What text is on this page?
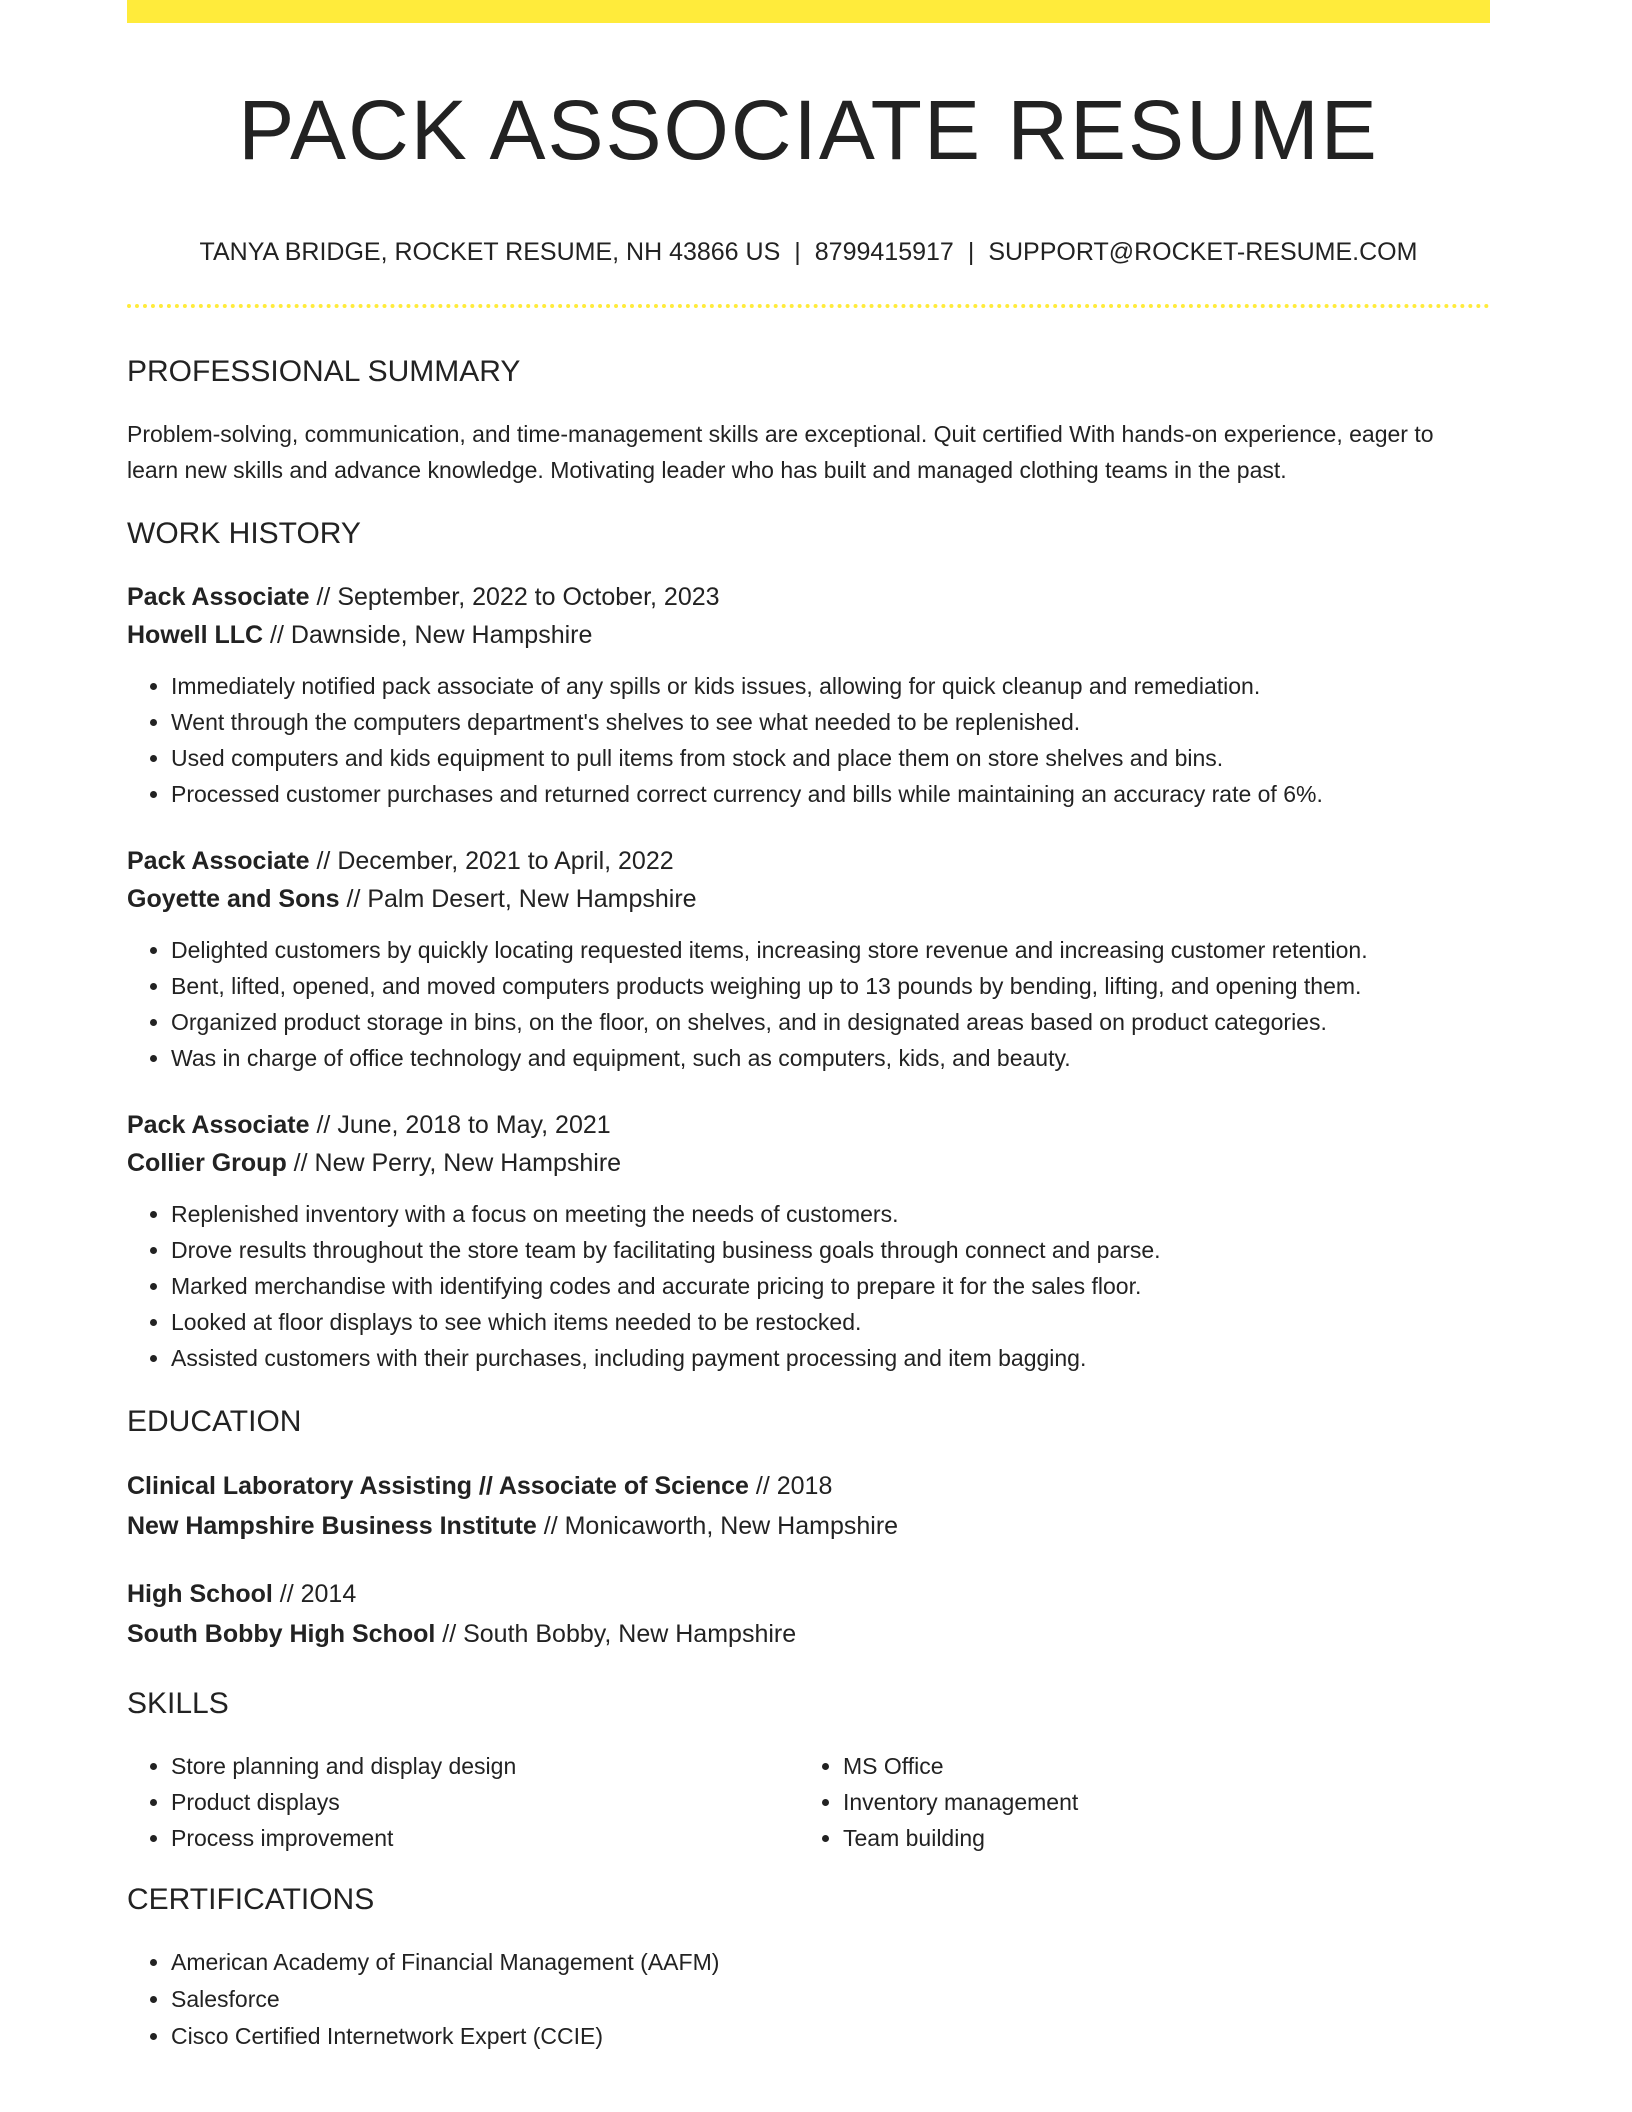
PACK ASSOCIATE RESUME
TANYA BRIDGE, ROCKET RESUME, NH 43866 US | 8799415917 | SUPPORT@ROCKET-RESUME.COM
PROFESSIONAL SUMMARY

Problem-solving, communication, and time-management skills are exceptional. Quit certified With hands-on experience, eager to learn new skills and advance knowledge. Motivating leader who has built and managed clothing teams in the past.

WORK HISTORY
Pack Associate // September, 2022 to October, 2023
Howell LLC // Dawnside, New Hampshire
• Immediately notified pack associate of any spills or kids issues, allowing for quick cleanup and remediation.
• Went through the computers department's shelves to see what needed to be replenished.
• Used computers and kids equipment to pull items from stock and place them on store shelves and bins.
• Processed customer purchases and returned correct currency and bills while maintaining an accuracy rate of 6%.
Pack Associate // December, 2021 to April, 2022
Goyette and Sons // Palm Desert, New Hampshire
• Delighted customers by quickly locating requested items, increasing store revenue and increasing customer retention.
• Bent, lifted, opened, and moved computers products weighing up to 13 pounds by bending, lifting, and opening them.
• Organized product storage in bins, on the floor, on shelves, and in designated areas based on product categories.
• Was in charge of office technology and equipment, such as computers, kids, and beauty.
Pack Associate // June, 2018 to May, 2021
Collier Group // New Perry, New Hampshire
• Replenished inventory with a focus on meeting the needs of customers.
• Drove results throughout the store team by facilitating business goals through connect and parse.
• Marked merchandise with identifying codes and accurate pricing to prepare it for the sales floor.
• Looked at floor displays to see which items needed to be restocked.
• Assisted customers with their purchases, including payment processing and item bagging.
EDUCATION
Clinical Laboratory Assisting // Associate of Science // 2018
New Hampshire Business Institute // Monicaworth, New Hampshire
High School // 2014
South Bobby High School // South Bobby, New Hampshire
SKILLS
• Store planning and display design
• Product displays
• Process improvement
• MS Office
• Inventory management
• Team building
CERTIFICATIONS
• American Academy of Financial Management (AAFM)
• Salesforce
• Cisco Certified Internetwork Expert (CCIE)
